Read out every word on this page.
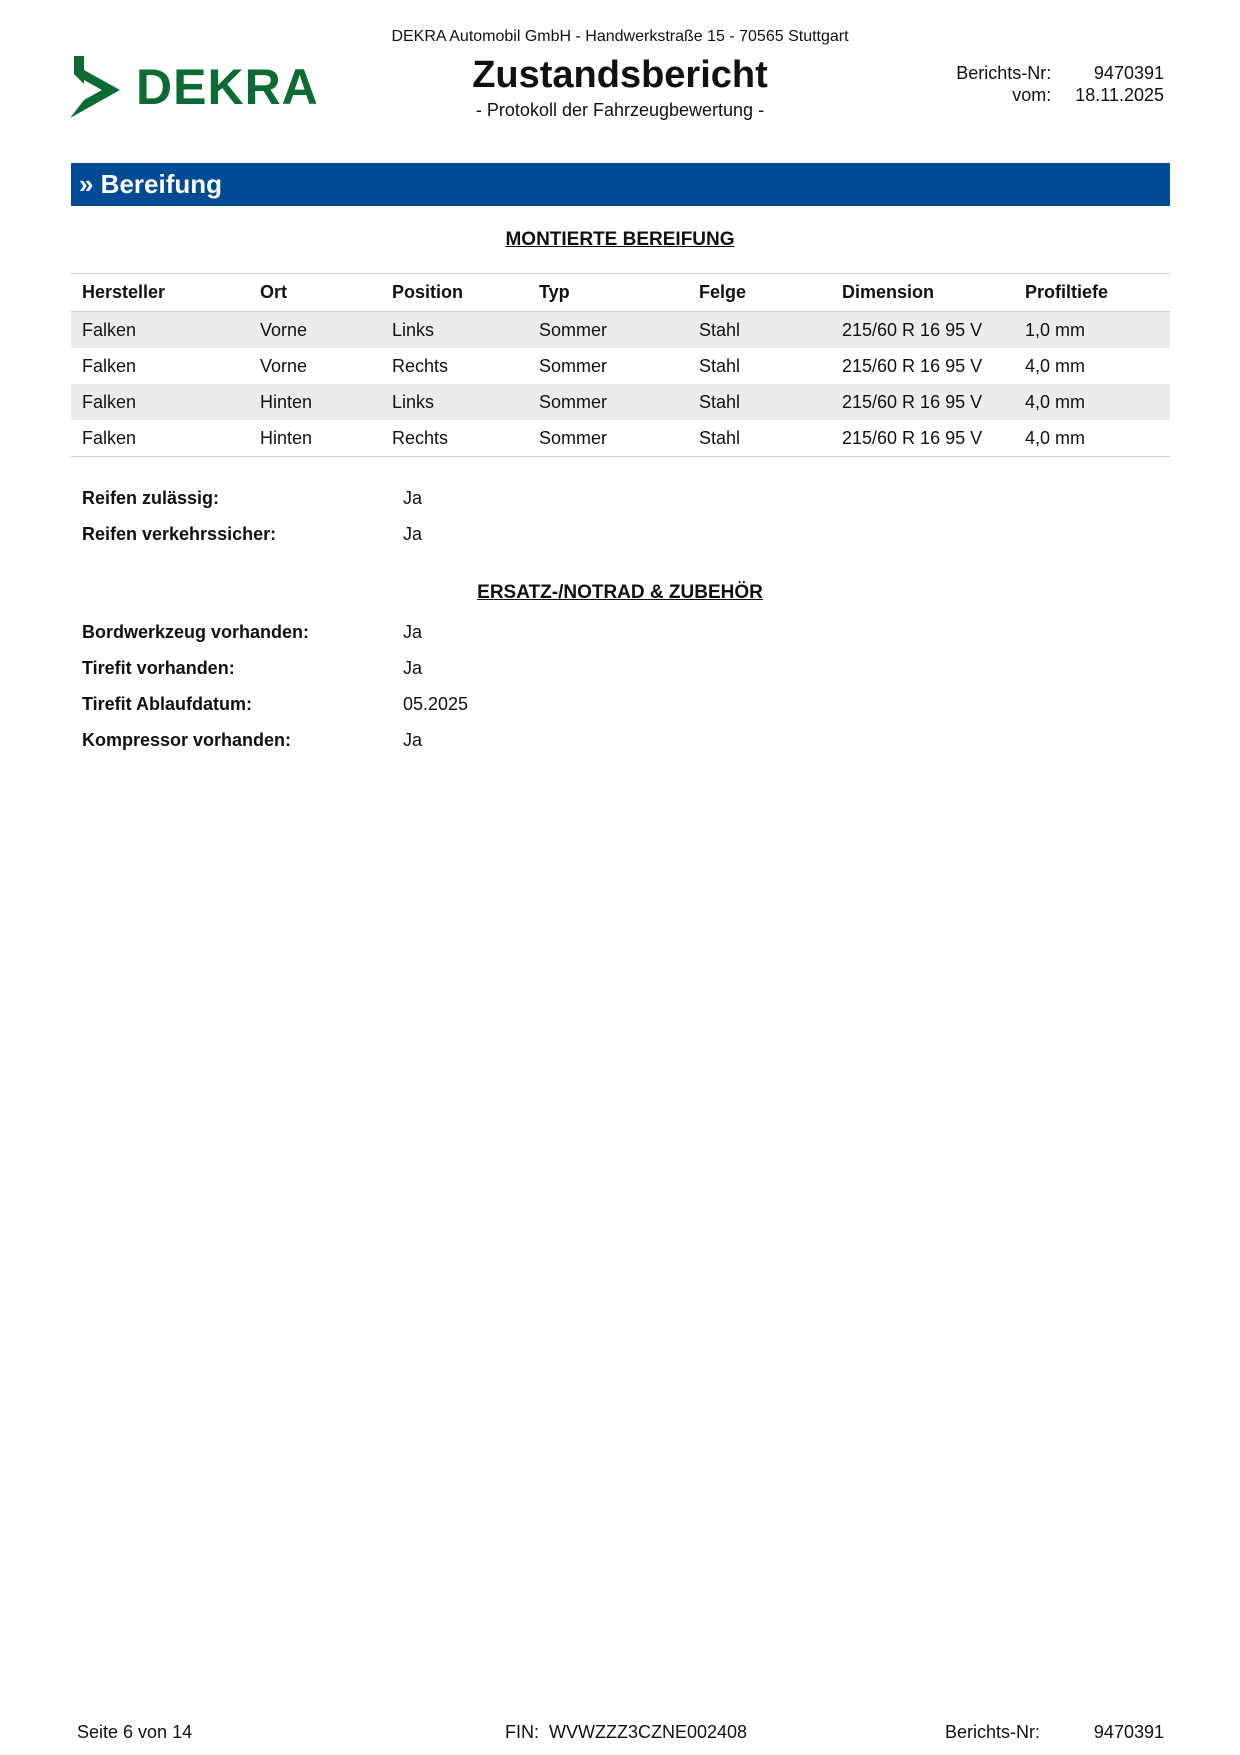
DEKRA Automobil GmbH - Handwerkstraße 15 - 70565 Stuttgart
DEKRA	Zustandsbericht
- Protokoll der Fahrzeugbewertung -
Berichts-Nr:	9470391
vom:	18.11.2025
» Bereifung
MONTIERTE BEREIFUNG
Hersteller	Ort	Position	Typ	Felge	Dimension	Profiltiefe
Falken	Vorne	Links	Sommer	Stahl	215/60 R 16 95 V	1,0 mm
Falken	Vorne	Rechts	Sommer	Stahl	215/60 R 16 95 V	4,0 mm
Falken	Hinten	Links	Sommer	Stahl	215/60 R 16 95 V	4,0 mm
Falken	Hinten	Rechts	Sommer	Stahl	215/60 R 16 95 V	4,0 mm
Reifen zulässig:	Ja
Reifen verkehrssicher:	Ja
ERSATZ-/NOTRAD & ZUBEHÖR
Bordwerkzeug vorhanden:	Ja
Tirefit vorhanden:	Ja
Tirefit Ablaufdatum:	05.2025
Kompressor vorhanden:	Ja
Seite 6 von 14	FIN: WVWZZZ3CZNE002408	Berichts-Nr:	9470391
